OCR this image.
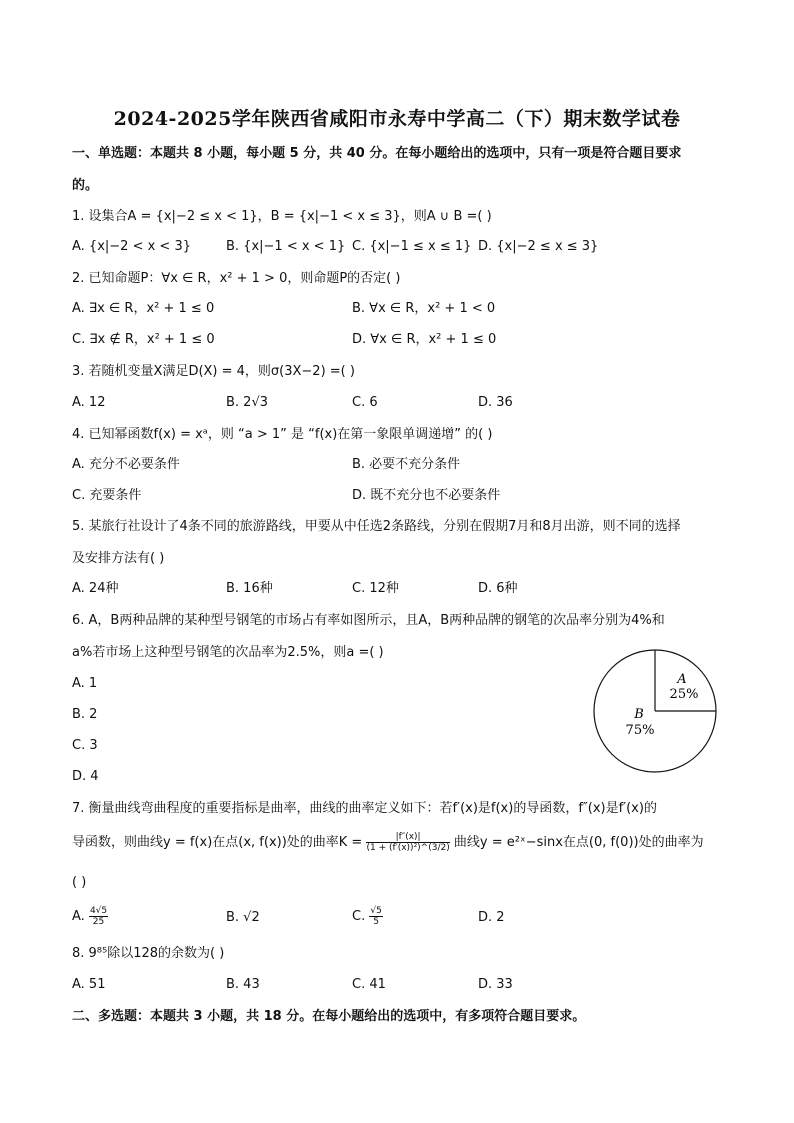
2024-2025学年陕西省咸阳市永寿中学高二（下）期末数学试卷
一、单选题：本题共 8 小题，每小题 5 分，共 40 分。在每小题给出的选项中，只有一项是符合题目要求
的。
1. 设集合A = {x|−2 ≤ x < 1}，B = {x|−1 < x ≤ 3}，则A ∪ B =( )
A. {x|−2 < x < 3}	B. {x|−1 < x < 1} C. {x|−1 ≤ x ≤ 1} D. {x|−2 ≤ x ≤ 3}
2. 已知命题P：∀x ∈ R，x² + 1 > 0，则命题P的否定( )
A. ∃x ∈ R，x² + 1 ≤ 0	B. ∀x ∈ R，x² + 1 < 0
C. ∃x ∉ R，x² + 1 ≤ 0	D. ∀x ∈ R，x² + 1 ≤ 0
3. 若随机变量X满足D(X) = 4，则σ(3X−2) =( )
A. 12	B. 2√3	C. 6	D. 36
4. 已知幂函数f(x) = xᵃ，则 “a > 1” 是 “f(x)在第一象限单调递增” 的( )
A. 充分不必要条件	B. 必要不充分条件
C. 充要条件	D. 既不充分也不必要条件
5. 某旅行社设计了4条不同的旅游路线，甲要从中任选2条路线，分别在假期7月和8月出游，则不同的选择
及安排方法有( )
A. 24种	B. 16种	C. 12种	D. 6种
6. A，B两种品牌的某种型号钢笔的市场占有率如图所示，且A，B两种品牌的钢笔的次品率分别为4%和
a%若市场上这种型号钢笔的次品率为2.5%，则a =( )
A. 1
B. 2
C. 3
D. 4
A
25%
B
75%
7. 衡量曲线弯曲程度的重要指标是曲率，曲线的曲率定义如下：若f′(x)是f(x)的导函数，f″(x)是f′(x)的
导函数，则曲线y = f(x)在点(x, f(x))处的曲率$K = \frac{|f''(x)|}{\text{(1 + (f′(x))²)\textasciicircum{}(3/2)}}$ 曲线y = e²ˣ−sinx在点(0, f(0))处的曲率为
( )
A. $\frac{4√5}{25}$	B. √2	C. $\frac{√5}{5}$	D. 2
8. 9⁸⁵除以128的余数为( )
A. 51	B. 43	C. 41	D. 33
二、多选题：本题共 3 小题，共 18 分。在每小题给出的选项中，有多项符合题目要求。
